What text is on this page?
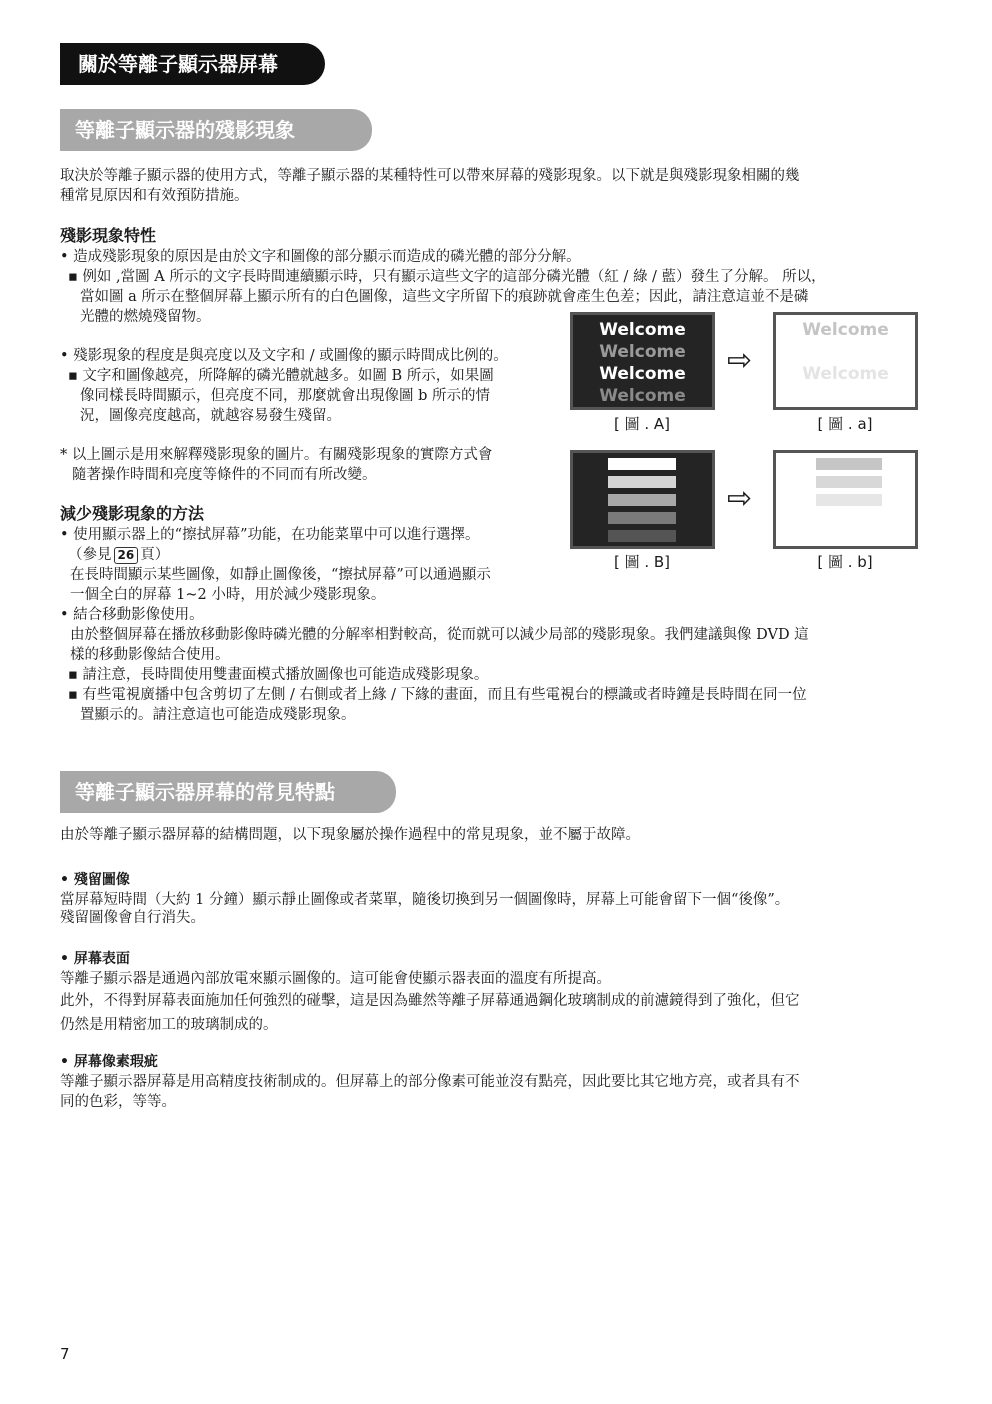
關於等離子顯示器屏幕
等離子顯示器的殘影現象
取決於等離子顯示器的使用方式，等離子顯示器的某種特性可以帶來屏幕的殘影現象。以下就是與殘影現象相關的幾
種常見原因和有效預防措施。
殘影現象特性
• 造成殘影現象的原因是由於文字和圖像的部分顯示而造成的磷光體的部分分解。
▪ 例如 ,當圖 A 所示的文字長時間連續顯示時，只有顯示這些文字的這部分磷光體（紅 / 綠 / 藍）發生了分解。 所以，
當如圖 a 所示在整個屏幕上顯示所有的白色圖像，這些文字所留下的痕跡就會產生色差；因此，請注意這並不是磷
光體的燃燒殘留物。
• 殘影現象的程度是與亮度以及文字和 / 或圖像的顯示時間成比例的。
▪ 文字和圖像越亮，所降解的磷光體就越多。如圖 B 所示，如果圖
像同樣長時間顯示，但亮度不同，那麼就會出現像圖 b 所示的情
況，圖像亮度越高，就越容易發生殘留。
* 以上圖示是用來解釋殘影現象的圖片。有關殘影現象的實際方式會
隨著操作時間和亮度等條件的不同而有所改變。
減少殘影現象的方法
• 使用顯示器上的“擦拭屏幕”功能，在功能菜單中可以進行選擇。
（參見 26 頁）
在長時間顯示某些圖像，如靜止圖像後，“擦拭屏幕”可以通過顯示
一個全白的屏幕 1~2 小時，用於減少殘影現象。
• 結合移動影像使用。
由於整個屏幕在播放移動影像時磷光體的分解率相對較高，從而就可以減少局部的殘影現象。我們建議與像 DVD 這
樣的移動影像結合使用。
▪ 請注意，長時間使用雙畫面模式播放圖像也可能造成殘影現象。
▪ 有些電視廣播中包含剪切了左側 / 右側或者上緣 / 下緣的畫面，而且有些電視台的標識或者時鐘是長時間在同一位
置顯示的。請注意這也可能造成殘影現象。
Welcome
Welcome
Welcome
Welcome
[ 圖 . A]
⇨
Welcome
Welcome
[ 圖 . a]
[ 圖 . B]
⇨
[ 圖 . b]
等離子顯示器屏幕的常見特點
由於等離子顯示器屏幕的結構問題，以下現象屬於操作過程中的常見現象，並不屬于故障。
• 殘留圖像
當屏幕短時間（大約 1 分鐘）顯示靜止圖像或者菜單，隨後切換到另一個圖像時，屏幕上可能會留下一個“後像”。
殘留圖像會自行消失。
• 屏幕表面
等離子顯示器是通過內部放電來顯示圖像的。這可能會使顯示器表面的溫度有所提高。
此外，不得對屏幕表面施加任何強烈的碰擊，這是因為雖然等離子屏幕通過鋼化玻璃制成的前濾鏡得到了強化，但它
仍然是用精密加工的玻璃制成的。
• 屏幕像素瑕疵
等離子顯示器屏幕是用高精度技術制成的。但屏幕上的部分像素可能並沒有點亮，因此要比其它地方亮，或者具有不
同的色彩，等等。
7
